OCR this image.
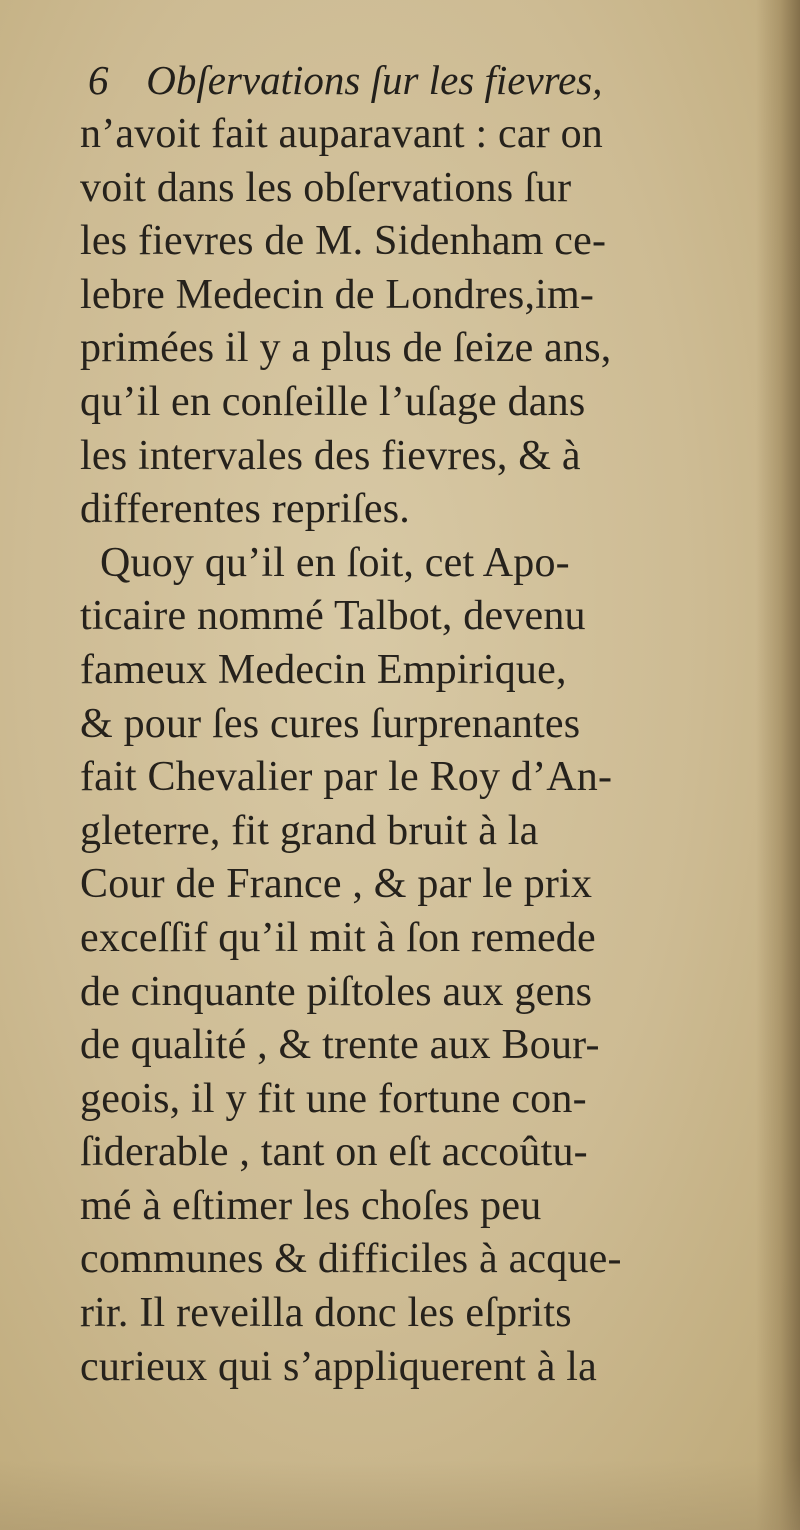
6 Obſervations ſur les fievres,
n’avoit fait auparavant : car on
voit dans les obſervations ſur
les fievres de M. Sidenham ce-
lebre Medecin de Londres,im-
primées il y a plus de ſeize ans,
qu’il en conſeille l’uſage dans
les intervales des fievres, & à
differentes repriſes.
Quoy qu’il en ſoit, cet Apo-
ticaire nommé Talbot, devenu
fameux Medecin Empirique,
& pour ſes cures ſurprenantes
fait Chevalier par le Roy d’An-
gleterre, fit grand bruit à la
Cour de France , & par le prix
exceſſif qu’il mit à ſon remede
de cinquante piſtoles aux gens
de qualité , & trente aux Bour-
geois, il y fit une fortune con-
ſiderable , tant on eſt accoûtu-
mé à eſtimer les choſes peu
communes & difficiles à acque-
rir. Il reveilla donc les eſprits
curieux qui s’appliquerent à la
